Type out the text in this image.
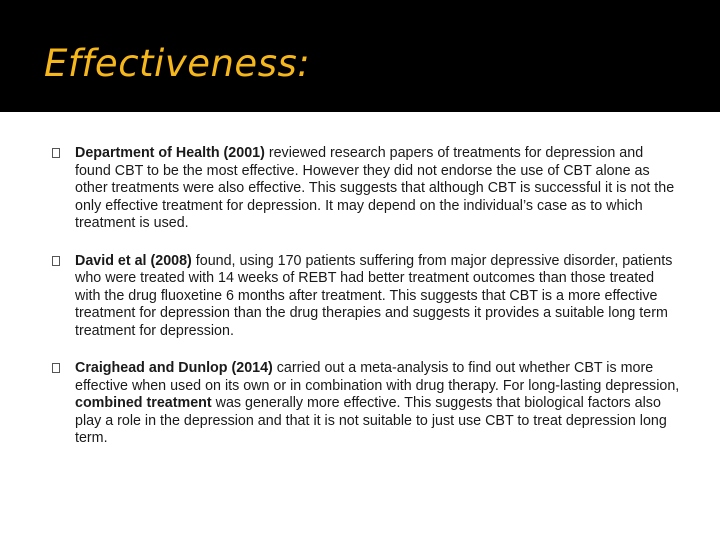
Effectiveness:
Department of Health (2001) reviewed research papers of treatments for depression and found CBT to be the most effective. However they did not endorse the use of CBT alone as other treatments were also effective. This suggests that although CBT is successful it is not the only effective treatment for depression. It may depend on the individual’s case as to which treatment is used.
David et al (2008) found, using 170 patients suffering from major depressive disorder, patients who were treated with 14 weeks of REBT had better treatment outcomes than those treated with the drug fluoxetine 6 months after treatment. This suggests that CBT is a more effective treatment for depression than the drug therapies and suggests it provides a suitable long term treatment for depression.
Craighead and Dunlop (2014) carried out a meta-analysis to find out whether CBT is more effective when used on its own or in combination with drug therapy. For long-lasting depression, combined treatment was generally more effective. This suggests that biological factors also play a role in the depression and that it is not suitable to just use CBT to treat depression long term.
